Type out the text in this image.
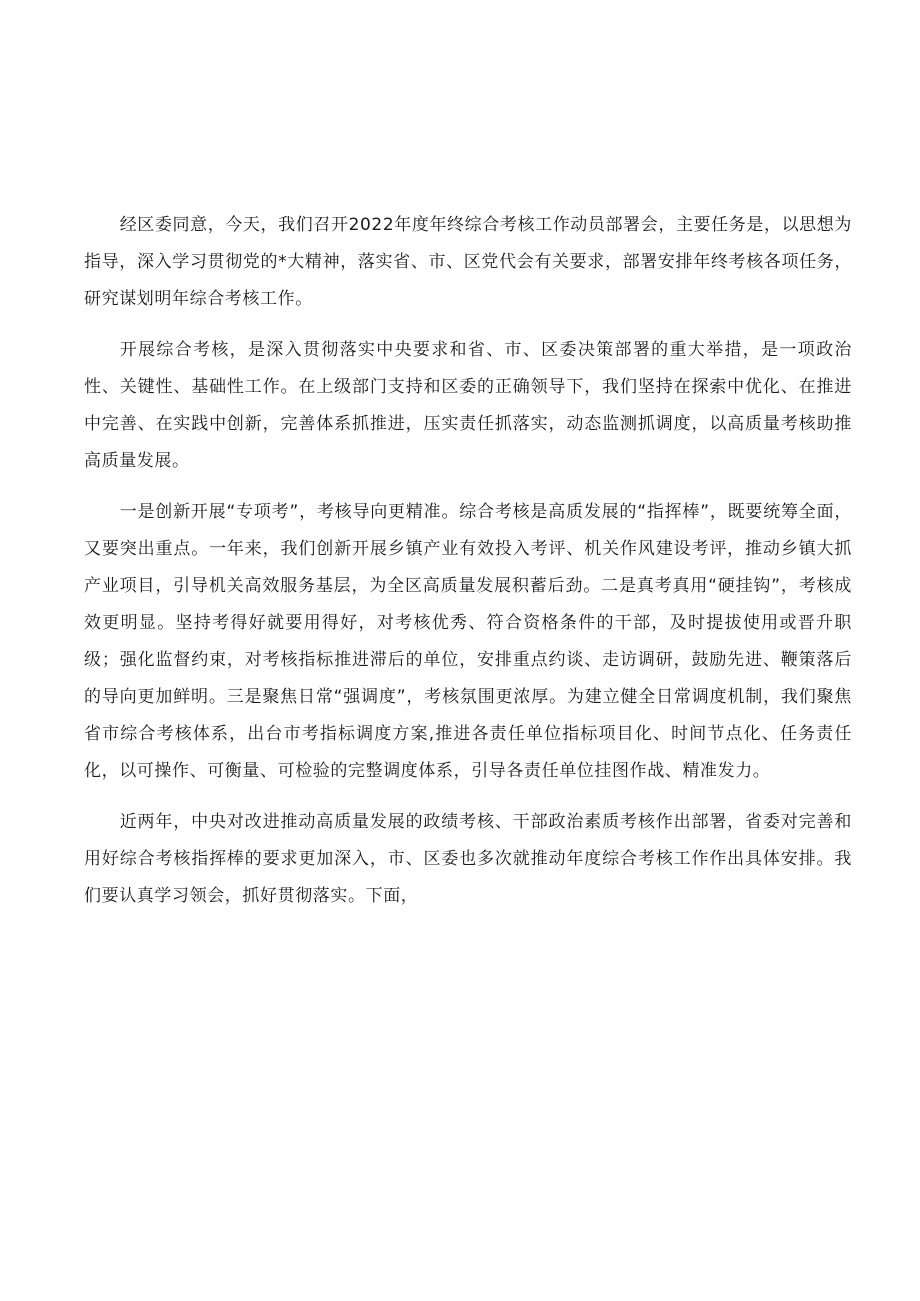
经区委同意，今天，我们召开2022年度年终综合考核工作动员部署会，主要任务是，以思想为指导，深入学习贯彻党的*大精神，落实省、市、区党代会有关要求，部署安排年终考核各项任务，研究谋划明年综合考核工作。

开展综合考核，是深入贯彻落实中央要求和省、市、区委决策部署的重大举措，是一项政治性、关键性、基础性工作。在上级部门支持和区委的正确领导下，我们坚持在探索中优化、在推进中完善、在实践中创新，完善体系抓推进，压实责任抓落实，动态监测抓调度，以高质量考核助推高质量发展。

一是创新开展“专项考”，考核导向更精准。综合考核是高质发展的“指挥棒”，既要统筹全面，又要突出重点。一年来，我们创新开展乡镇产业有效投入考评、机关作风建设考评，推动乡镇大抓产业项目，引导机关高效服务基层，为全区高质量发展积蓄后劲。二是真考真用“硬挂钩”，考核成效更明显。坚持考得好就要用得好，对考核优秀、符合资格条件的干部，及时提拔使用或晋升职级；强化监督约束，对考核指标推进滞后的单位，安排重点约谈、走访调研，鼓励先进、鞭策落后的导向更加鲜明。三是聚焦日常“强调度”，考核氛围更浓厚。为建立健全日常调度机制，我们聚焦省市综合考核体系，出台市考指标调度方案,推进各责任单位指标项目化、时间节点化、任务责任化，以可操作、可衡量、可检验的完整调度体系，引导各责任单位挂图作战、精准发力。

近两年，中央对改进推动高质量发展的政绩考核、干部政治素质考核作出部署，省委对完善和用好综合考核指挥棒的要求更加深入，市、区委也多次就推动年度综合考核工作作出具体安排。我们要认真学习领会，抓好贯彻落实。下面，
